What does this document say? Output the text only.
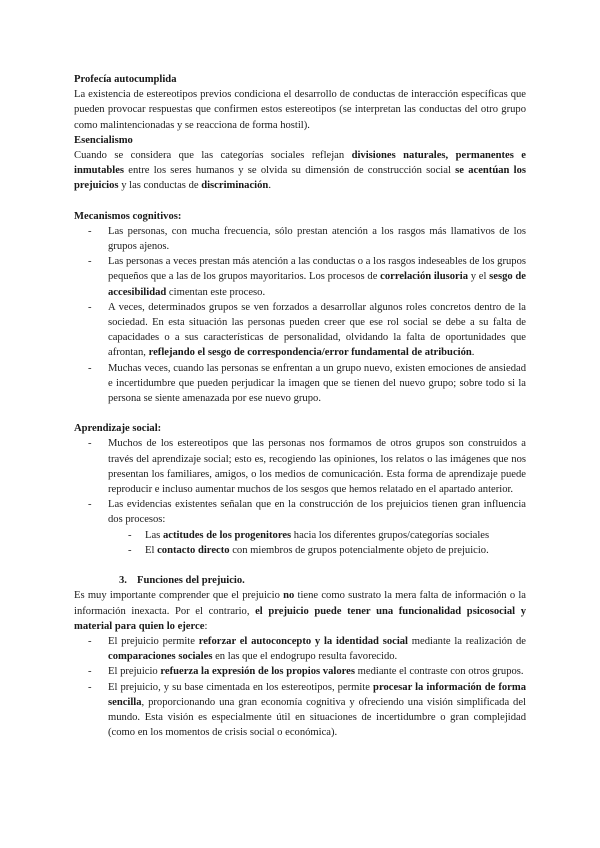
Profecía autocumplida

La existencia de estereotipos previos condiciona el desarrollo de conductas de interacción específicas que pueden provocar respuestas que confirmen estos estereotipos (se interpretan las conductas del otro grupo como malintencionadas y se reacciona de forma hostil).

Esencialismo

Cuando se considera que las categorías sociales reflejan divisiones naturales, permanentes e inmutables entre los seres humanos y se olvida su dimensión de construcción social se acentúan los prejuicios y las conductas de discriminación.

Mecanismos cognitivos:

- Las personas, con mucha frecuencia, sólo prestan atención a los rasgos más llamativos de los grupos ajenos.
- Las personas a veces prestan más atención a las conductas o a los rasgos indeseables de los grupos pequeños que a las de los grupos mayoritarios. Los procesos de correlación ilusoria y el sesgo de accesibilidad cimentan este proceso.
- A veces, determinados grupos se ven forzados a desarrollar algunos roles concretos dentro de la sociedad. En esta situación las personas pueden creer que ese rol social se debe a su falta de capacidades o a sus características de personalidad, olvidando la falta de oportunidades que afrontan, reflejando el sesgo de correspondencia/error fundamental de atribución.
- Muchas veces, cuando las personas se enfrentan a un grupo nuevo, existen emociones de ansiedad e incertidumbre que pueden perjudicar la imagen que se tienen del nuevo grupo; sobre todo si la persona se siente amenazada por ese nuevo grupo.

Aprendizaje social:

- Muchos de los estereotipos que las personas nos formamos de otros grupos son construidos a través del aprendizaje social; esto es, recogiendo las opiniones, los relatos o las imágenes que nos presentan los familiares, amigos, o los medios de comunicación. Esta forma de aprendizaje puede reproducir e incluso aumentar muchos de los sesgos que hemos relatado en el apartado anterior.
- Las evidencias existentes señalan que en la construcción de los prejuicios tienen gran influencia dos procesos:
- Las actitudes de los progenitores hacia los diferentes grupos/categorías sociales
- El contacto directo con miembros de grupos potencialmente objeto de prejuicio.

3. Funciones del prejuicio.

Es muy importante comprender que el prejuicio no tiene como sustrato la mera falta de información o la información inexacta. Por el contrario, el prejuicio puede tener una funcionalidad psicosocial y material para quien lo ejerce:

- El prejuicio permite reforzar el autoconcepto y la identidad social mediante la realización de comparaciones sociales en las que el endogrupo resulta favorecido.
- El prejuicio refuerza la expresión de los propios valores mediante el contraste con otros grupos.
- El prejuicio, y su base cimentada en los estereotipos, permite procesar la información de forma sencilla, proporcionando una gran economía cognitiva y ofreciendo una visión simplificada del mundo. Esta visión es especialmente útil en situaciones de incertidumbre o gran complejidad (como en los momentos de crisis social o económica).
